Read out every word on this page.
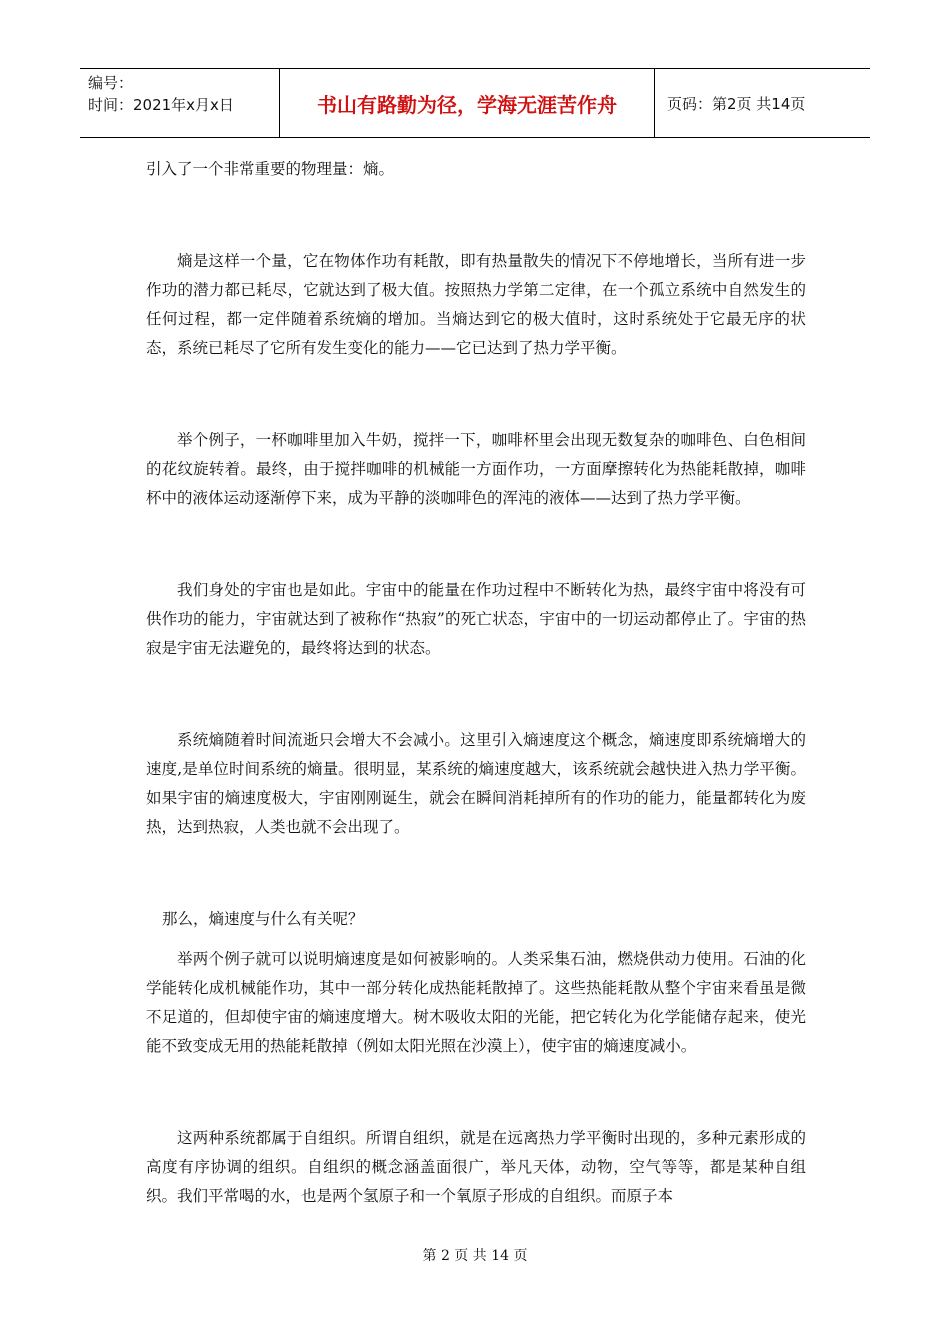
编号：
时间：2021年x月x日	书山有路勤为径，学海无涯苦作舟	页码：第2页 共14页

引入了一个非常重要的物理量：熵。

熵是这样一个量，它在物体作功有耗散，即有热量散失的情况下不停地增长，当所有进一步作功的潜力都已耗尽，它就达到了极大值。按照热力学第二定律，在一个孤立系统中自然发生的任何过程，都一定伴随着系统熵的增加。当熵达到它的极大值时，这时系统处于它最无序的状态，系统已耗尽了它所有发生变化的能力——它已达到了热力学平衡。

举个例子，一杯咖啡里加入牛奶，搅拌一下，咖啡杯里会出现无数复杂的咖啡色、白色相间的花纹旋转着。最终，由于搅拌咖啡的机械能一方面作功，一方面摩擦转化为热能耗散掉，咖啡杯中的液体运动逐渐停下来，成为平静的淡咖啡色的浑沌的液体——达到了热力学平衡。

我们身处的宇宙也是如此。宇宙中的能量在作功过程中不断转化为热，最终宇宙中将没有可供作功的能力，宇宙就达到了被称作“热寂”的死亡状态，宇宙中的一切运动都停止了。宇宙的热寂是宇宙无法避免的，最终将达到的状态。

系统熵随着时间流逝只会增大不会减小。这里引入熵速度这个概念，熵速度即系统熵增大的速度,是单位时间系统的熵量。很明显，某系统的熵速度越大，该系统就会越快进入热力学平衡。如果宇宙的熵速度极大，宇宙刚刚诞生，就会在瞬间消耗掉所有的作功的能力，能量都转化为废热，达到热寂，人类也就不会出现了。

那么，熵速度与什么有关呢？

举两个例子就可以说明熵速度是如何被影响的。人类采集石油，燃烧供动力使用。石油的化学能转化成机械能作功，其中一部分转化成热能耗散掉了。这些热能耗散从整个宇宙来看虽是微不足道的，但却使宇宙的熵速度增大。树木吸收太阳的光能，把它转化为化学能储存起来，使光能不致变成无用的热能耗散掉（例如太阳光照在沙漠上），使宇宙的熵速度减小。

这两种系统都属于自组织。所谓自组织，就是在远离热力学平衡时出现的，多种元素形成的高度有序协调的组织。自组织的概念涵盖面很广，举凡天体，动物，空气等等，都是某种自组织。我们平常喝的水，也是两个氢原子和一个氧原子形成的自组织。而原子本

第 2 页 共 14 页
